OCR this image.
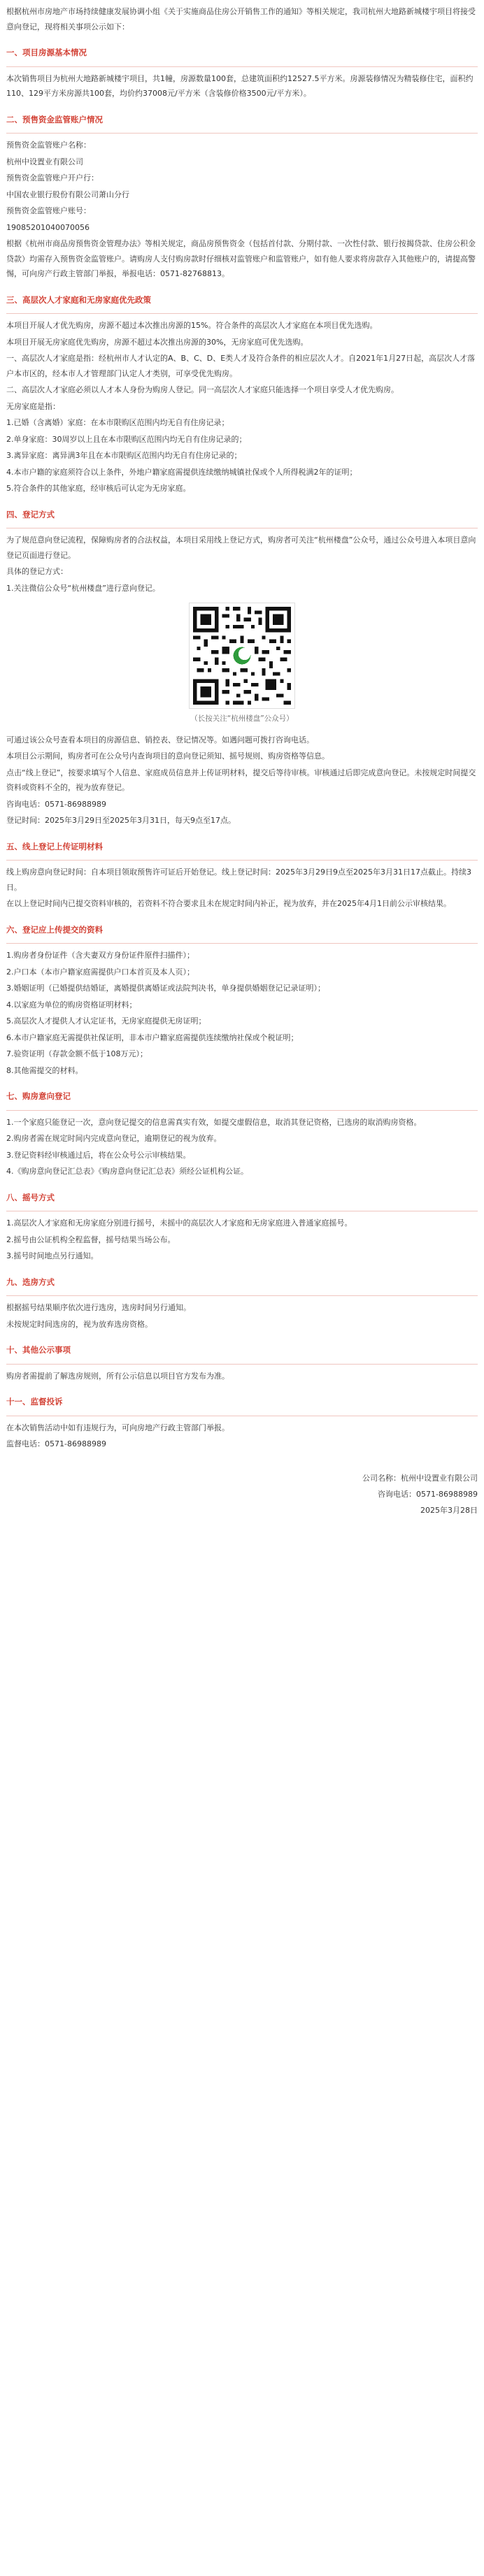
根据杭州市房地产市场持续健康发展协调小组《关于实施商品住房公开销售工作的通知》等相关规定，我司杭州大地路新城楼宇项目将接受意向登记，现将相关事项公示如下：

一、项目房源基本情况

本次销售项目为杭州大地路新城楼宇项目，共1幢，房源数量100套，总建筑面积约12527.5平方米。房源装修情况为精装修住宅，面积约110、129平方米房源共100套，均价约37008元/平方米（含装修价格3500元/平方米）。

二、预售资金监管账户情况

预售资金监管账户名称：

杭州中设置业有限公司

预售资金监管账户开户行：

中国农业银行股份有限公司萧山分行

预售资金监管账户账号：

19085201040070056

根据《杭州市商品房预售资金管理办法》等相关规定，商品房预售资金（包括首付款、分期付款、一次性付款、银行按揭贷款、住房公积金贷款）均需存入预售资金监管账户。请购房人支付购房款时仔细核对监管账户和监管账户，如有他人要求将房款存入其他账户的，请提高警惕，可向房产行政主管部门举报，举报电话：0571-82768813。

三、高层次人才家庭和无房家庭优先政策

本项目开展人才优先购房，房源不超过本次推出房源的15%。符合条件的高层次人才家庭在本项目优先选购。

本项目开展无房家庭优先购房，房源不超过本次推出房源的30%，无房家庭可优先选购。

一、高层次人才家庭是指：经杭州市人才认定的A、B、C、D、E类人才及符合条件的相应层次人才。自2021年1月27日起，高层次人才落户本市区的，经本市人才管理部门认定人才类别，可享受优先购房。

二、高层次人才家庭必须以人才本人身份为购房人登记。同一高层次人才家庭只能选择一个项目享受人才优先购房。

无房家庭是指：

1.已婚（含离婚）家庭：在本市限购区范围内均无自有住房记录；

2.单身家庭：30周岁以上且在本市限购区范围内均无自有住房记录的；

3.离异家庭：离异满3年且在本市限购区范围内均无自有住房记录的；

4.本市户籍的家庭须符合以上条件，外地户籍家庭需提供连续缴纳城镇社保或个人所得税满2年的证明；

5.符合条件的其他家庭，经审核后可认定为无房家庭。

四、登记方式

为了规范意向登记流程，保障购房者的合法权益，本项目采用线上登记方式，购房者可关注“杭州楼盘”公众号，通过公众号进入本项目意向登记页面进行登记。

具体的登记方式：

1.关注微信公众号“杭州楼盘”进行意向登记。

（长按关注“杭州楼盘”公众号）

可通过该公众号查看本项目的房源信息、销控表、登记情况等。如遇问题可拨打咨询电话。

本项目公示期间，购房者可在公众号内查询项目的意向登记须知、摇号规则、购房资格等信息。

点击“线上登记”，按要求填写个人信息、家庭成员信息并上传证明材料，提交后等待审核。审核通过后即完成意向登记。未按规定时间提交资料或资料不全的，视为放弃登记。

咨询电话：0571-86988989

登记时间：2025年3月29日至2025年3月31日，每天9点至17点。

五、线上登记上传证明材料

线上购房意向登记时间：自本项目领取预售许可证后开始登记。线上登记时间：2025年3月29日9点至2025年3月31日17点截止。持续3日。

在以上登记时间内已提交资料审核的，若资料不符合要求且未在规定时间内补正，视为放弃，并在2025年4月1日前公示审核结果。

六、登记应上传提交的资料

1.购房者身份证件（含夫妻双方身份证件原件扫描件）；

2.户口本（本市户籍家庭需提供户口本首页及本人页）；

3.婚姻证明（已婚提供结婚证，离婚提供离婚证或法院判决书，单身提供婚姻登记记录证明）；

4.以家庭为单位的购房资格证明材料；

5.高层次人才提供人才认定证书，无房家庭提供无房证明；

6.本市户籍家庭无需提供社保证明，非本市户籍家庭需提供连续缴纳社保或个税证明；

7.验资证明（存款金额不低于108万元）；

8.其他需提交的材料。

七、购房意向登记

1.一个家庭只能登记一次，意向登记提交的信息需真实有效，如提交虚假信息，取消其登记资格，已选房的取消购房资格。

2.购房者需在规定时间内完成意向登记，逾期登记的视为放弃。

3.登记资料经审核通过后，将在公众号公示审核结果。

4.《购房意向登记汇总表》《购房意向登记汇总表》须经公证机构公证。

八、摇号方式

1.高层次人才家庭和无房家庭分别进行摇号，未摇中的高层次人才家庭和无房家庭进入普通家庭摇号。

2.摇号由公证机构全程监督，摇号结果当场公布。

3.摇号时间地点另行通知。

九、选房方式

根据摇号结果顺序依次进行选房，选房时间另行通知。

未按规定时间选房的，视为放弃选房资格。

十、其他公示事项

购房者需提前了解选房规则，所有公示信息以项目官方发布为准。

十一、监督投诉

在本次销售活动中如有违规行为，可向房地产行政主管部门举报。

监督电话：0571-86988989

公司名称：杭州中设置业有限公司

咨询电话：0571-86988989

2025年3月28日
